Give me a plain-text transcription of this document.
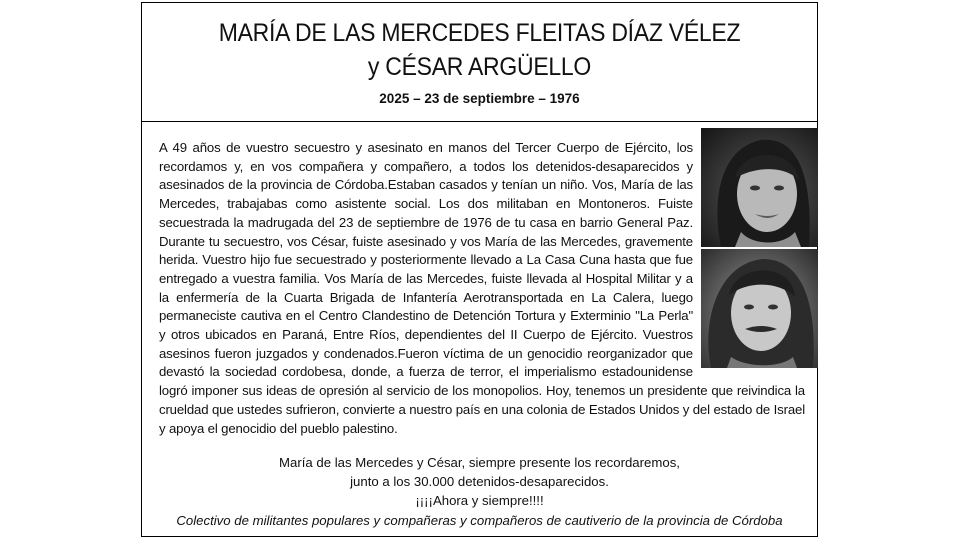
MARÍA DE LAS MERCEDES FLEITAS DÍAZ VÉLEZ
y CÉSAR ARGÜELLO
2025 – 23 de septiembre – 1976
A 49 años de vuestro secuestro y asesinato en manos del Tercer Cuerpo de Ejército, los recordamos y, en vos compañera y compañero, a todos los detenidos-desaparecidos y asesinados de la provincia de Córdoba.Estaban casados y tenían un niño. Vos, María de las Mercedes, trabajabas como asistente social. Los dos militaban en Montoneros. Fuiste secuestrada la madrugada del 23 de septiembre de 1976 de tu casa en barrio General Paz. Durante tu secuestro, vos César, fuiste asesinado y vos María de las Mercedes, gravemente herida. Vuestro hijo fue secuestrado y posteriormente llevado a La Casa Cuna hasta que fue entregado a vuestra familia. Vos María de las Mercedes, fuiste llevada al Hospital Militar y a la enfermería de la Cuarta Brigada de Infantería Aerotransportada en La Calera, luego permaneciste cautiva en el Centro Clandestino de Detención Tortura y Exterminio "La Perla" y otros ubicados en Paraná, Entre Ríos, dependientes del II Cuerpo de Ejército. Vuestros asesinos fueron juzgados y condenados.Fueron víctima de un genocidio reorganizador que devastó la sociedad cordobesa, donde, a fuerza de terror, el imperialismo estadounidense logró imponer sus ideas de opresión al servicio de los monopolios. Hoy, tenemos un presidente que reivindica la crueldad que ustedes sufrieron, convierte a nuestro país en una colonia de Estados Unidos y del estado de Israel y apoya el genocidio del pueblo palestino.
María de las Mercedes y César, siempre presente los recordaremos,
junto a los 30.000 detenidos-desaparecidos.
¡¡¡¡Ahora y siempre!!!!
Colectivo de militantes populares y compañeras y compañeros de cautiverio de la provincia de Córdoba
